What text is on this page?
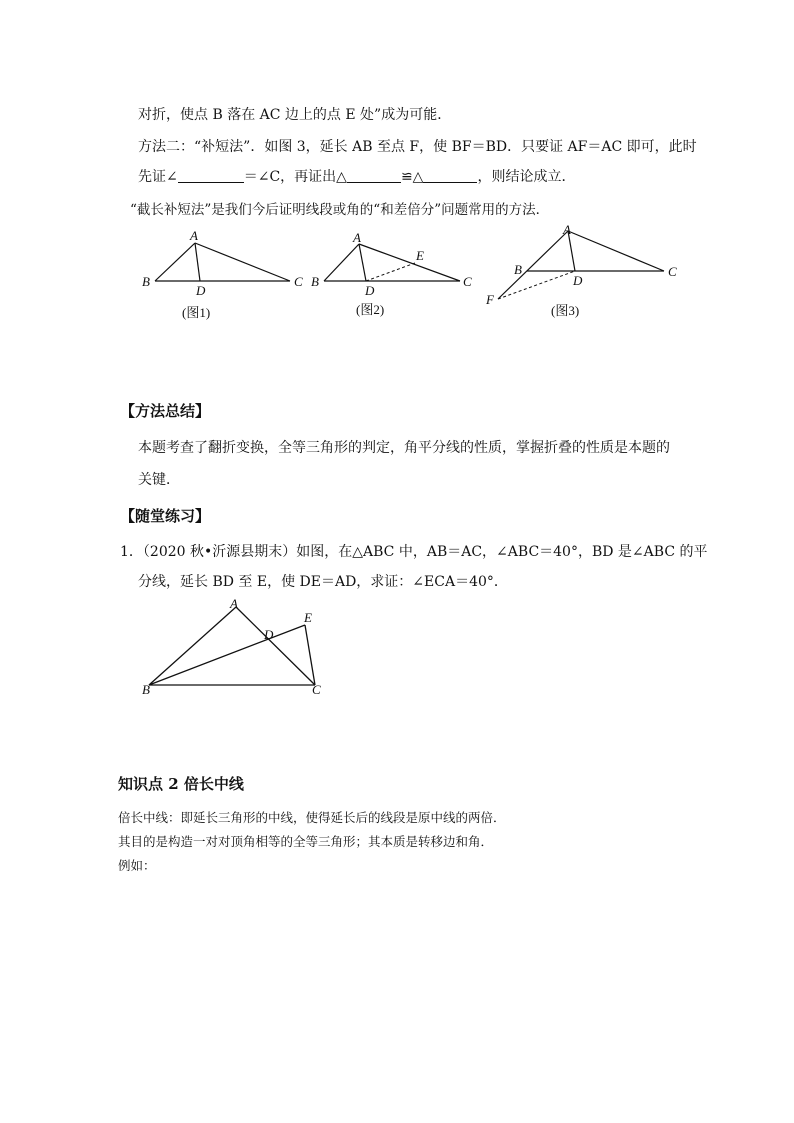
对折，使点 B 落在 AC 边上的点 E 处”成为可能．
方法二：“补短法”．如图 3，延长 AB 至点 F，使 BF＝BD．只要证 AF＝AC 即可，此时
先证∠	＝∠C，再证出△	≌△	，则结论成立．
“截长补短法”是我们今后证明线段或角的“和差倍分”问题常用的方法．
A
B	C
D
(图1)
A
B	C
D
E
(图2)
A
B	C
D
F
(图3)
【方法总结】
本题考查了翻折变换，全等三角形的判定，角平分线的性质，掌握折叠的性质是本题的
关键．
【随堂练习】
1．（2020 秋•沂源县期末）如图，在△ABC 中，AB＝AC，∠ABC＝40°，BD 是∠ABC 的平
分线，延长 BD 至 E，使 DE＝AD，求证：∠ECA＝40°．
A
B	C
D
E
知识点 2 倍长中线
倍长中线：即延长三角形的中线，使得延长后的线段是原中线的两倍．
其目的是构造一对对顶角相等的全等三角形；其本质是转移边和角．
例如：
